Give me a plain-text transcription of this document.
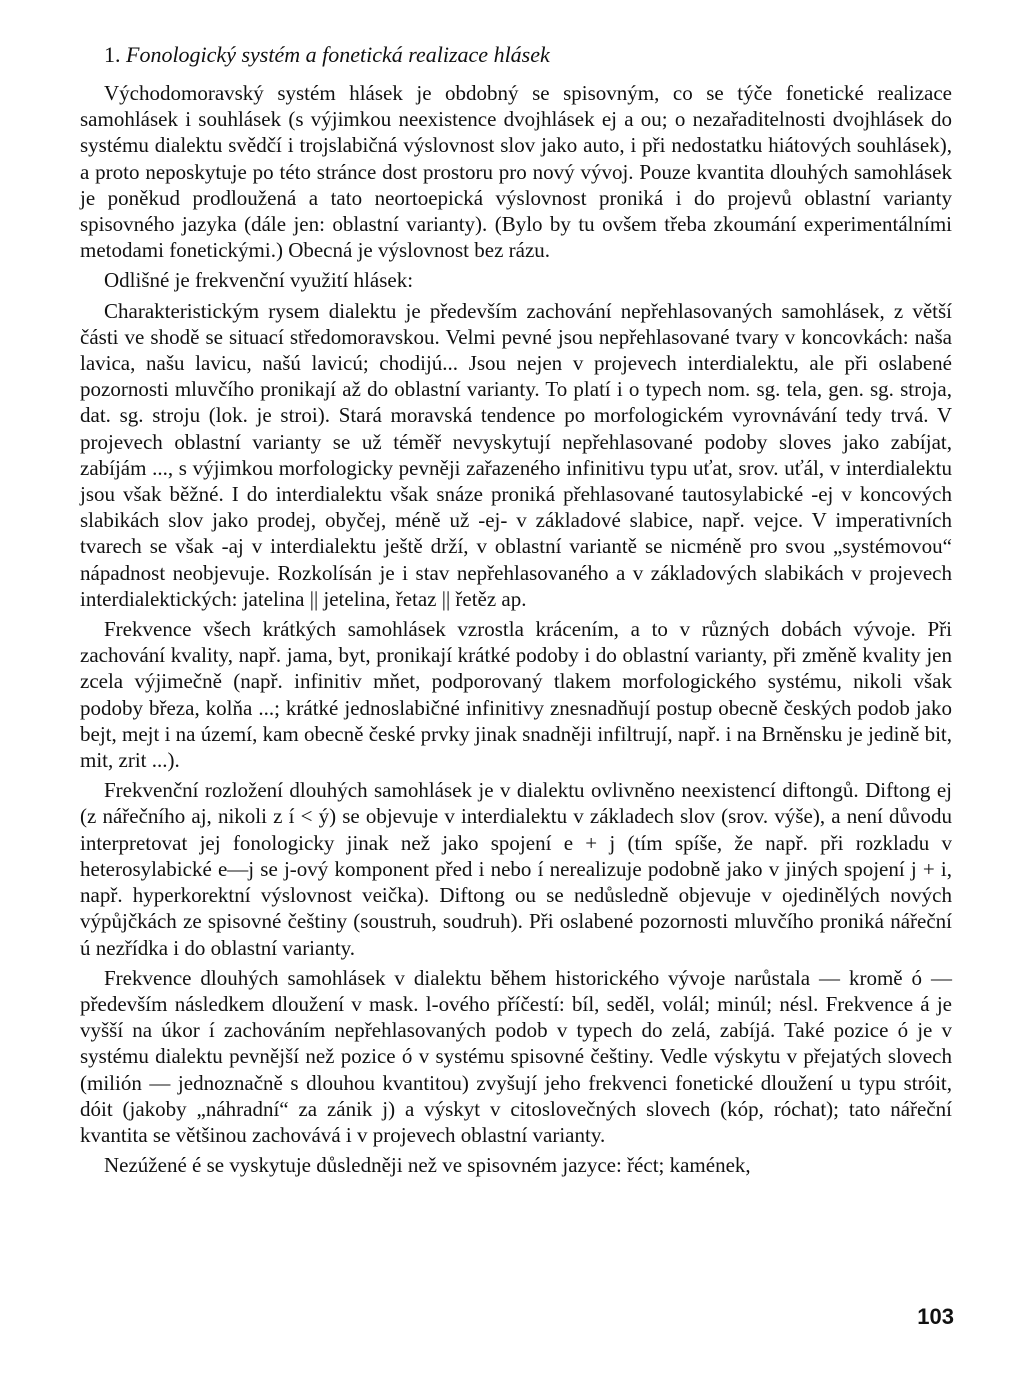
1. Fonologický systém a fonetická realizace hlásek

Východomoravský systém hlásek je obdobný se spisovným, co se týče fonetické realizace samohlásek i souhlásek (s výjimkou neexistence dvojhlásek ej a ou; o nezařaditelnosti dvojhlásek do systému dialektu svědčí i trojslabičná výslovnost slov jako auto, i při nedostatku hiátových souhlásek), a proto neposkytuje po této stránce dost prostoru pro nový vývoj. Pouze kvantita dlouhých samohlásek je poněkud prodloužená a tato neortoepická výslovnost proniká i do projevů oblastní varianty spisovného jazyka (dále jen: oblastní varianty). (Bylo by tu ovšem třeba zkoumání experimentálními metodami fonetickými.) Obecná je výslovnost bez rázu.

Odlišné je frekvenční využití hlásek:

Charakteristickým rysem dialektu je především zachování nepřehlasovaných samohlásek, z větší části ve shodě se situací středomoravskou. Velmi pevné jsou nepřehlasované tvary v koncovkách: naša lavica, našu lavicu, našú lavicú; chodijú... Jsou nejen v projevech interdialektu, ale při oslabené pozornosti mluvčího pronikají až do oblastní varianty. To platí i o typech nom. sg. tela, gen. sg. stroja, dat. sg. stroju (lok. je stroi). Stará moravská tendence po morfologickém vyrovnávání tedy trvá. V projevech oblastní varianty se už téměř nevyskytují nepřehlasované podoby sloves jako zabíjat, zabíjám ..., s výjimkou morfologicky pevněji zařazeného infinitivu typu uťat, srov. uťál, v interdialektu jsou však běžné. I do interdialektu však snáze proniká přehlasované tautosylabické -ej v koncových slabikách slov jako prodej, obyčej, méně už -ej- v základové slabice, např. vejce. V imperativních tvarech se však -aj v interdialektu ještě drží, v oblastní variantě se nicméně pro svou „systémovou“ nápadnost neobjevuje. Rozkolísán je i stav nepřehlasovaného a v základových slabikách v projevech interdialektických: jatelina || jetelina, řetaz || řetěz ap.

Frekvence všech krátkých samohlásek vzrostla krácením, a to v různých dobách vývoje. Při zachování kvality, např. jama, byt, pronikají krátké podoby i do oblastní varianty, při změně kvality jen zcela výjimečně (např. infinitiv mňet, podporovaný tlakem morfologického systému, nikoli však podoby březa, kolňa ...; krátké jednoslabičné infinitivy znesnadňují postup obecně českých podob jako bejt, mejt i na území, kam obecně české prvky jinak snadněji infiltrují, např. i na Brněnsku je jedině bit, mit, zrit ...).

Frekvenční rozložení dlouhých samohlásek je v dialektu ovlivněno neexistencí diftongů. Diftong ej (z nářečního aj, nikoli z í < ý) se objevuje v interdialektu v základech slov (srov. výše), a není důvodu interpretovat jej fonologicky jinak než jako spojení e + j (tím spíše, že např. při rozkladu v heterosylabické e—j se j-ový komponent před i nebo í nerealizuje podobně jako v jiných spojení j + i, např. hyperkorektní výslovnost veička). Diftong ou se nedůsledně objevuje v ojedinělých nových výpůjčkách ze spisovné češtiny (soustruh, soudruh). Při oslabené pozornosti mluvčího proniká nářeční ú nezřídka i do oblastní varianty.

Frekvence dlouhých samohlásek v dialektu během historického vývoje narůstala — kromě ó — především následkem dloužení v mask. l-ového příčestí: bíl, seděl, volál; minúl; nésl. Frekvence á je vyšší na úkor í zachováním nepřehlasovaných podob v typech do zelá, zabíjá. Také pozice ó je v systému dialektu pevnější než pozice ó v systému spisovné češtiny. Vedle výskytu v přejatých slovech (milión — jednoznačně s dlouhou kvantitou) zvyšují jeho frekvenci fonetické dloužení u typu stróit, dóit (jakoby „náhradní“ za zánik j) a výskyt v citoslovečných slovech (kóp, róchat); tato nářeční kvantita se většinou zachovává i v projevech oblastní varianty.

Nezúžené é se vyskytuje důsledněji než ve spisovném jazyce: řéct; kamének,

103
